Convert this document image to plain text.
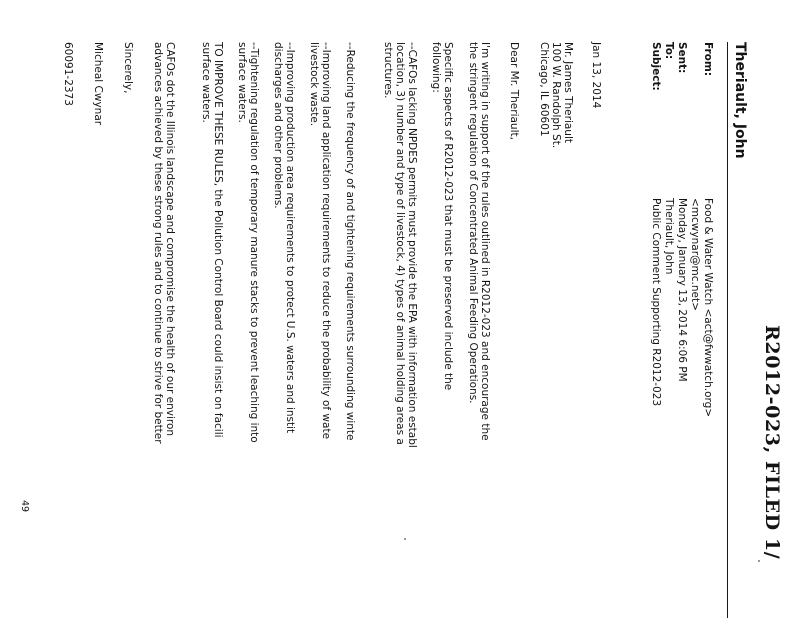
R2012-023, FILED 1/
Theriault, John
From:
Food & Water Watch <act@fwwatch.org>
<mcwynar@mc.net>
Sent:
Monday, January 13, 2014 6:06 PM
To:
Theriault, John
Subject:
Public Comment Supporting R2012-023
Jan 13, 2014
Mr. James Theriault
100 W. Randolph St.
Chicago, IL 60601
Dear Mr. Theriault,
I'm writing in support of the rules outlined in R2012-023 and encourage the
the stringent regulation of Concentrated Animal Feeding Operations.
Specific aspects of R2012-023 that must be preserved include the
following:
--CAFOs lacking NPDES permits must provide the EPA with information establ
location, 3) number and type of livestock, 4) types of animal holding areas a
structures.
--Reducing the frequency of and tightening requirements surrounding winte
--Improving land application requirements to reduce the probability of wate
livestock waste.
--Improving production area requirements to protect U.S. waters and instit
discharges and other problems.
--Tightening regulation of temporary manure stacks to prevent leaching into
surface waters.
TO IMPROVE THESE RULES, the Pollution Control Board could insist on facili
surface waters.
CAFOs dot the Illinois landscape and compromise the health of our environ
advances achieved by these strong rules and to continue to strive for better
Sincerely,
Micheal Cwynar
60091-2373
49
